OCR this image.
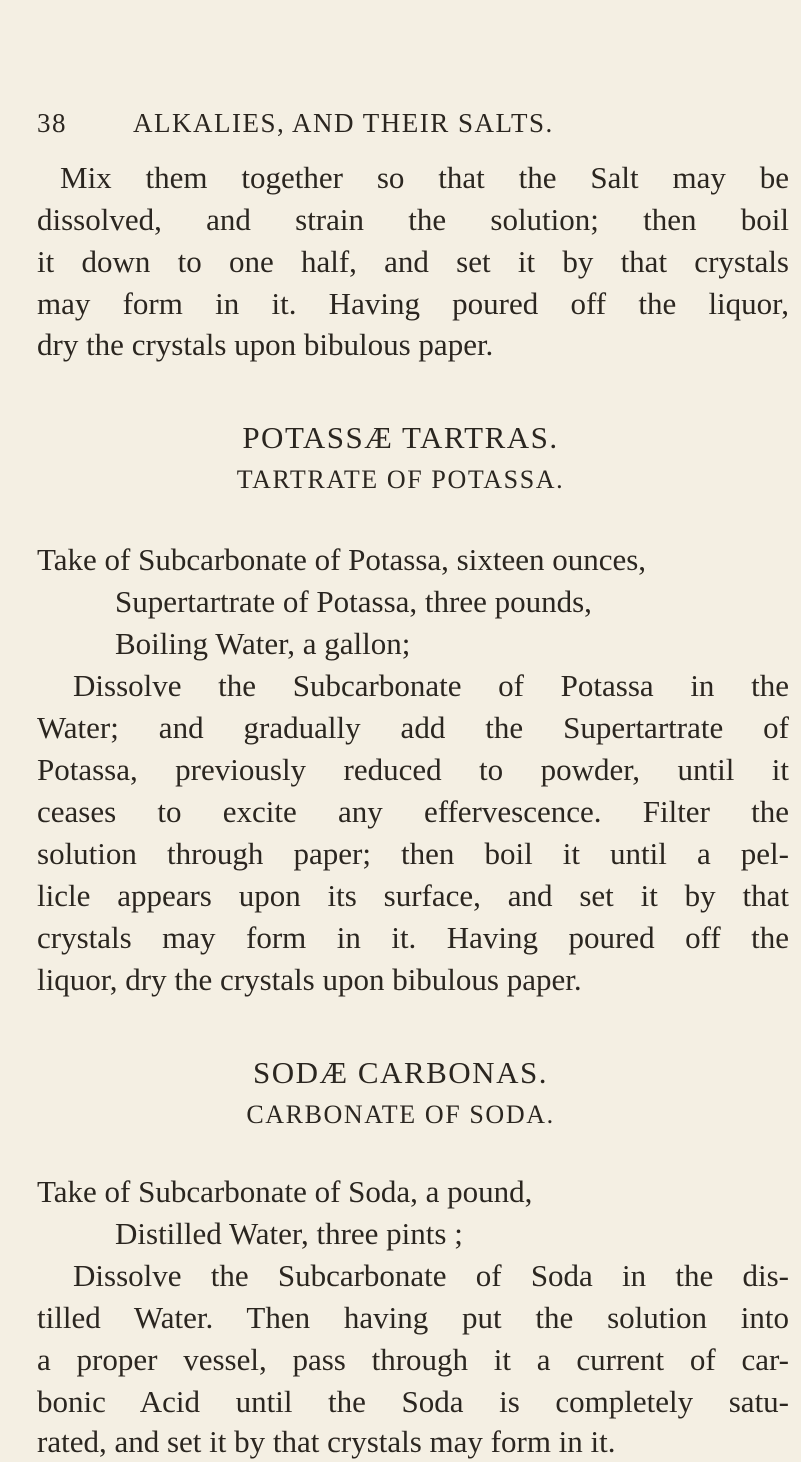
38 ALKALIES, AND THEIR SALTS.
Mix them together so that the Salt may be
dissolved, and strain the solution; then boil
it down to one half, and set it by that crystals
may form in it. Having poured off the liquor,
dry the crystals upon bibulous paper.
POTASSÆ TARTRAS.
TARTRATE OF POTASSA.
Take of Subcarbonate of Potassa, sixteen ounces,
Supertartrate of Potassa, three pounds,
Boiling Water, a gallon;
Dissolve the Subcarbonate of Potassa in the
Water; and gradually add the Supertartrate of
Potassa, previously reduced to powder, until it
ceases to excite any effervescence. Filter the
solution through paper; then boil it until a pel-
licle appears upon its surface, and set it by that
crystals may form in it. Having poured off the
liquor, dry the crystals upon bibulous paper.
SODÆ CARBONAS.
CARBONATE OF SODA.
Take of Subcarbonate of Soda, a pound,
Distilled Water, three pints ;
Dissolve the Subcarbonate of Soda in the dis-
tilled Water. Then having put the solution into
a proper vessel, pass through it a current of car-
bonic Acid until the Soda is completely satu-
rated, and set it by that crystals may form in it.
